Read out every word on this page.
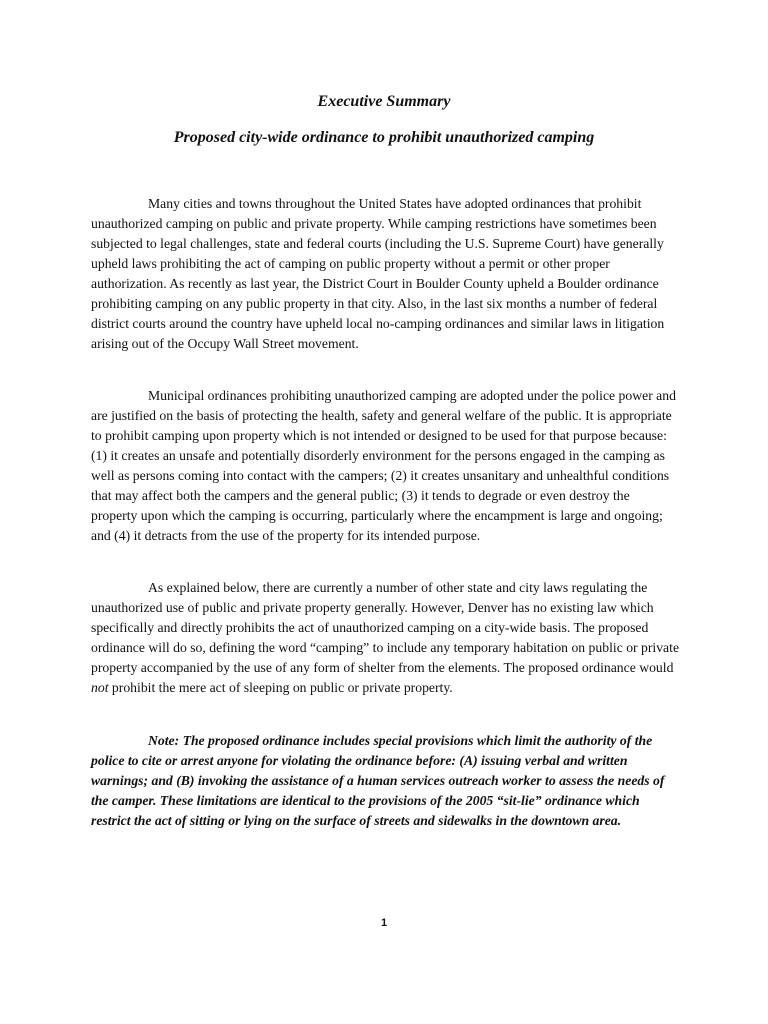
Executive Summary

Proposed city-wide ordinance to prohibit unauthorized camping

Many cities and towns throughout the United States have adopted ordinances that prohibit unauthorized camping on public and private property. While camping restrictions have sometimes been subjected to legal challenges, state and federal courts (including the U.S. Supreme Court) have generally upheld laws prohibiting the act of camping on public property without a permit or other proper authorization. As recently as last year, the District Court in Boulder County upheld a Boulder ordinance prohibiting camping on any public property in that city. Also, in the last six months a number of federal district courts around the country have upheld local no-camping ordinances and similar laws in litigation arising out of the Occupy Wall Street movement.

Municipal ordinances prohibiting unauthorized camping are adopted under the police power and are justified on the basis of protecting the health, safety and general welfare of the public. It is appropriate to prohibit camping upon property which is not intended or designed to be used for that purpose because: (1) it creates an unsafe and potentially disorderly environment for the persons engaged in the camping as well as persons coming into contact with the campers; (2) it creates unsanitary and unhealthful conditions that may affect both the campers and the general public; (3) it tends to degrade or even destroy the property upon which the camping is occurring, particularly where the encampment is large and ongoing; and (4) it detracts from the use of the property for its intended purpose.

As explained below, there are currently a number of other state and city laws regulating the unauthorized use of public and private property generally. However, Denver has no existing law which specifically and directly prohibits the act of unauthorized camping on a city-wide basis. The proposed ordinance will do so, defining the word “camping” to include any temporary habitation on public or private property accompanied by the use of any form of shelter from the elements. The proposed ordinance would not prohibit the mere act of sleeping on public or private property.

Note: The proposed ordinance includes special provisions which limit the authority of the police to cite or arrest anyone for violating the ordinance before: (A) issuing verbal and written warnings; and (B) invoking the assistance of a human services outreach worker to assess the needs of the camper. These limitations are identical to the provisions of the 2005 “sit-lie” ordinance which restrict the act of sitting or lying on the surface of streets and sidewalks in the downtown area.

1
